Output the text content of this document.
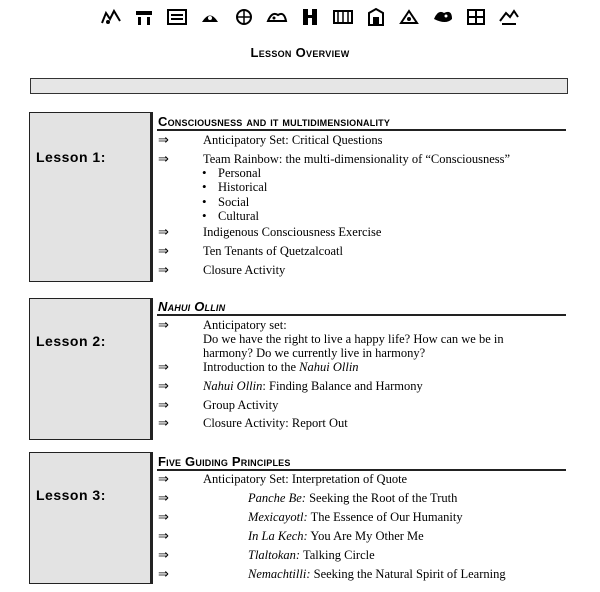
Lesson Overview
Lesson 1:
Consciousness and it multidimensionality
⇒	Anticipatory Set: Critical Questions
⇒	Team Rainbow: the multi-dimensionality of “Consciousness”
• Personal
• Historical
• Social
• Cultural
⇒	Indigenous Consciousness Exercise
⇒	Ten Tenants of Quetzalcoatl
⇒	Closure Activity
Lesson 2:
Nahui Ollin
⇒	Anticipatory set:
Do we have the right to live a happy life? How can we be in
harmony? Do we currently live in harmony?
⇒	Introduction to the Nahui Ollin
⇒	Nahui Ollin: Finding Balance and Harmony
⇒	Group Activity
⇒	Closure Activity: Report Out
Lesson 3:
Five Guiding Principles
⇒	Anticipatory Set: Interpretation of Quote
⇒	Panche Be: Seeking the Root of the Truth
⇒	Mexicayotl: The Essence of Our Humanity
⇒	In La Kech: You Are My Other Me
⇒	Tlaltokan: Talking Circle
⇒	Nemachtilli: Seeking the Natural Spirit of Learning
